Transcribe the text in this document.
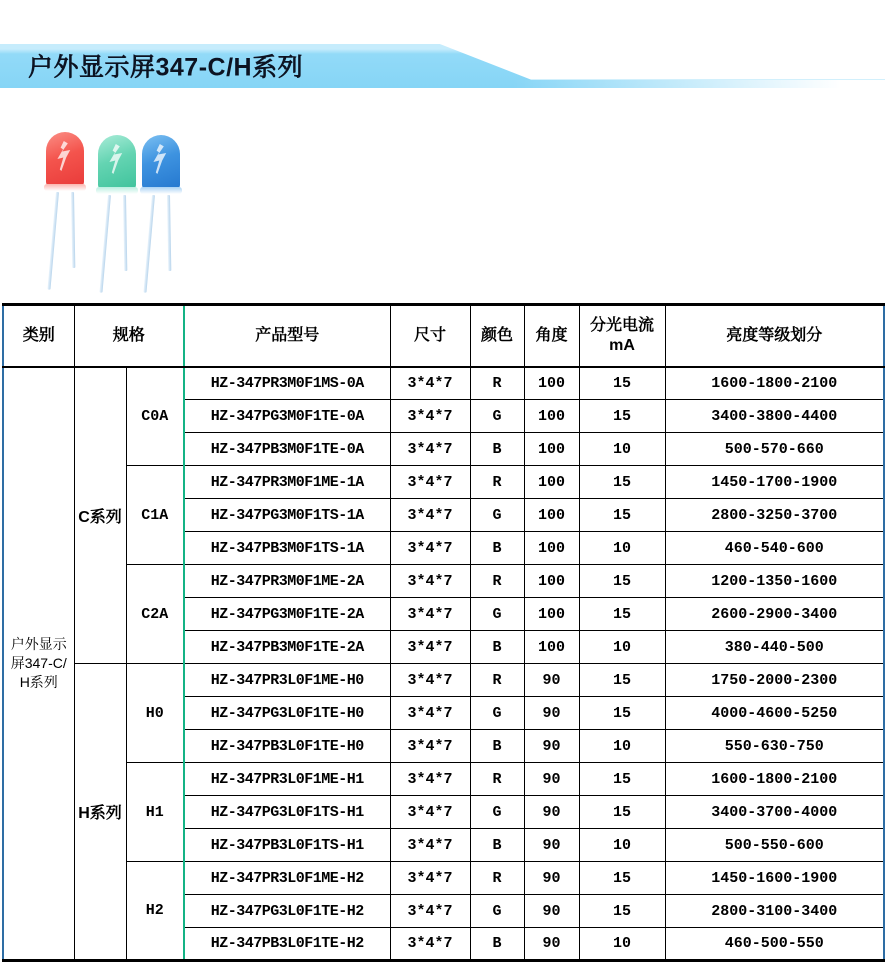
户外显示屏347-C/H系列
类别	规格		产品型号	尺寸	颜色	角度	分光电流mA	亮度等级划分
户外显示屏347-C/H系列	C系列	C0A	HZ-347PR3M0F1MS-0A	3*4*7	R	100	15	1600-1800-2100
			HZ-347PG3M0F1TE-0A	3*4*7	G	100	15	3400-3800-4400
			HZ-347PB3M0F1TE-0A	3*4*7	B	100	10	500-570-660
		C1A	HZ-347PR3M0F1ME-1A	3*4*7	R	100	15	1450-1700-1900
			HZ-347PG3M0F1TS-1A	3*4*7	G	100	15	2800-3250-3700
			HZ-347PB3M0F1TS-1A	3*4*7	B	100	10	460-540-600
		C2A	HZ-347PR3M0F1ME-2A	3*4*7	R	100	15	1200-1350-1600
			HZ-347PG3M0F1TE-2A	3*4*7	G	100	15	2600-2900-3400
			HZ-347PB3M0F1TE-2A	3*4*7	B	100	10	380-440-500
	H系列	H0	HZ-347PR3L0F1ME-H0	3*4*7	R	90	15	1750-2000-2300
			HZ-347PG3L0F1TE-H0	3*4*7	G	90	15	4000-4600-5250
			HZ-347PB3L0F1TE-H0	3*4*7	B	90	10	550-630-750
		H1	HZ-347PR3L0F1ME-H1	3*4*7	R	90	15	1600-1800-2100
			HZ-347PG3L0F1TS-H1	3*4*7	G	90	15	3400-3700-4000
			HZ-347PB3L0F1TS-H1	3*4*7	B	90	10	500-550-600
		H2	HZ-347PR3L0F1ME-H2	3*4*7	R	90	15	1450-1600-1900
			HZ-347PG3L0F1TE-H2	3*4*7	G	90	15	2800-3100-3400
			HZ-347PB3L0F1TE-H2	3*4*7	B	90	10	460-500-550
